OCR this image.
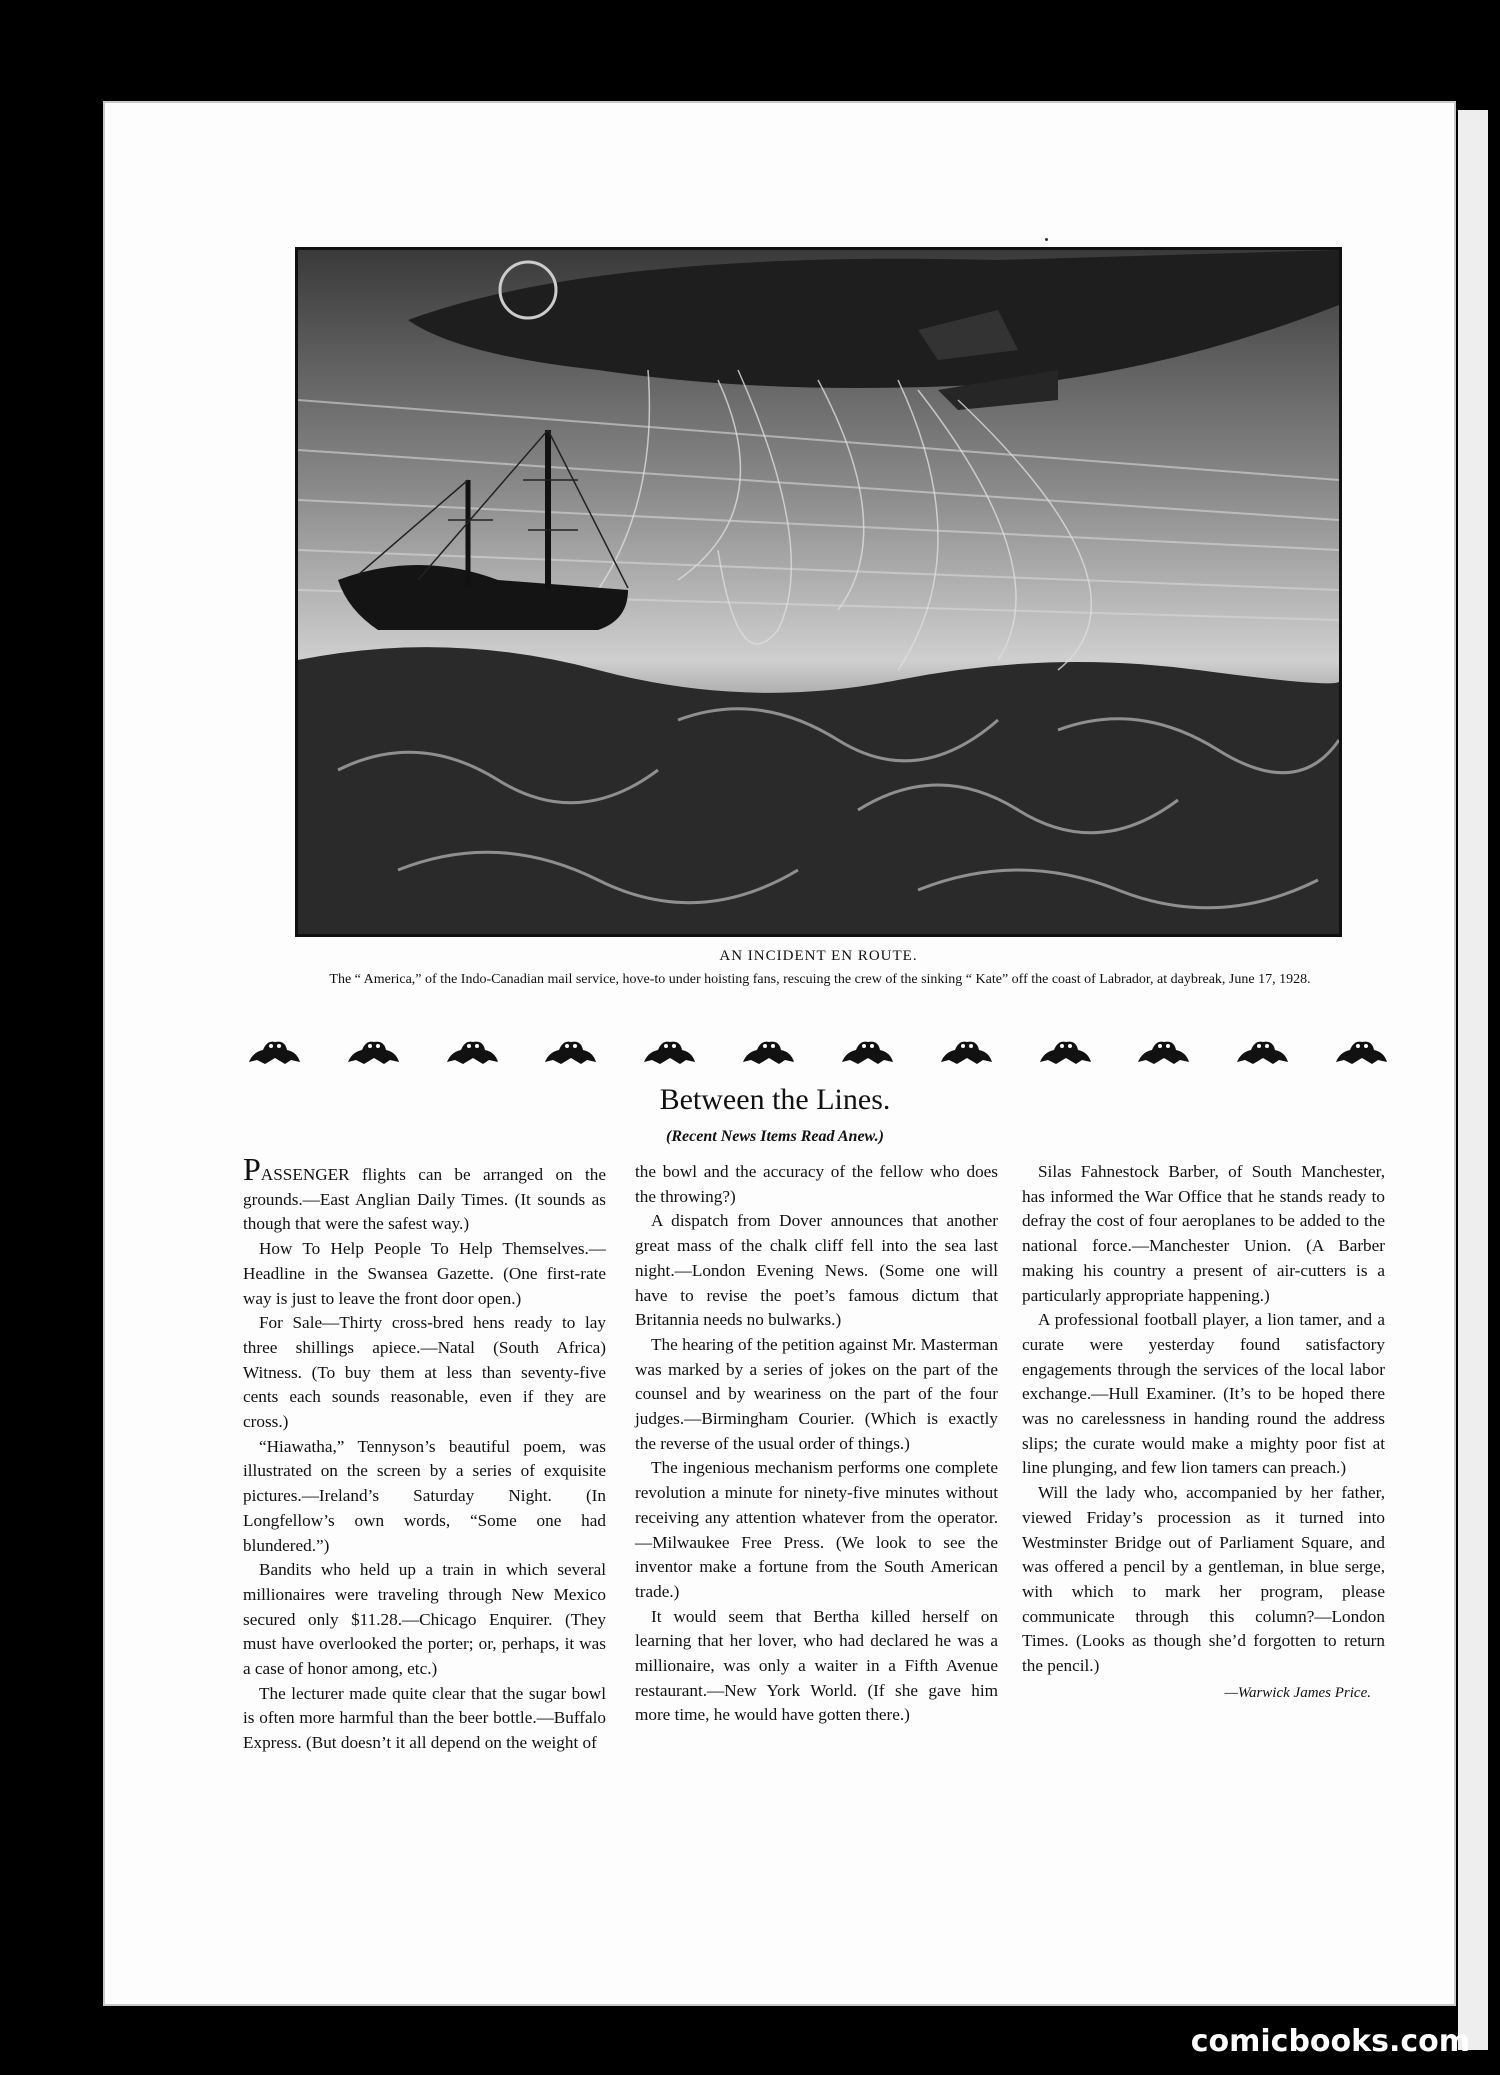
AN INCIDENT EN ROUTE.
The “ America,” of the Indo-Canadian mail service, hove-to under hoisting fans, rescuing the crew of the sinking “ Kate” off the coast of Labrador, at daybreak, June 17, 1928.
Between the Lines.
(Recent News Items Read Anew.)

PASSENGER flights can be arranged on the grounds.—East Anglian Daily Times. (It sounds as though that were the safest way.)

How To Help People To Help Themselves.—Headline in the Swansea Gazette. (One first-rate way is just to leave the front door open.)

For Sale—Thirty cross-bred hens ready to lay three shillings apiece.—Natal (South Africa) Witness. (To buy them at less than seventy-five cents each sounds reasonable, even if they are cross.)

“Hiawatha,” Tennyson’s beautiful poem, was illustrated on the screen by a series of exquisite pictures.—Ireland’s Saturday Night. (In Longfellow’s own words, “Some one had blundered.”)

Bandits who held up a train in which several millionaires were traveling through New Mexico secured only $11.28.—Chicago Enquirer. (They must have overlooked the porter; or, perhaps, it was a case of honor among, etc.)

The lecturer made quite clear that the sugar bowl is often more harmful than the beer bottle.—Buffalo Express. (But doesn’t it all depend on the weight of

the bowl and the accuracy of the fellow who does the throwing?)

A dispatch from Dover announces that another great mass of the chalk cliff fell into the sea last night.—London Evening News. (Some one will have to revise the poet’s famous dictum that Britannia needs no bulwarks.)

The hearing of the petition against Mr. Masterman was marked by a series of jokes on the part of the counsel and by weariness on the part of the four judges.—Birmingham Courier. (Which is exactly the reverse of the usual order of things.)

The ingenious mechanism performs one complete revolution a minute for ninety-five minutes without receiving any attention whatever from the operator.—Milwaukee Free Press. (We look to see the inventor make a fortune from the South American trade.)

It would seem that Bertha killed herself on learning that her lover, who had declared he was a millionaire, was only a waiter in a Fifth Avenue restaurant.—New York World. (If she gave him more time, he would have gotten there.)

Silas Fahnestock Barber, of South Manchester, has informed the War Office that he stands ready to defray the cost of four aeroplanes to be added to the national force.—Manchester Union. (A Barber making his country a present of air-cutters is a particularly appropriate happening.)

A professional football player, a lion tamer, and a curate were yesterday found satisfactory engagements through the services of the local labor exchange.—Hull Examiner. (It’s to be hoped there was no carelessness in handing round the address slips; the curate would make a mighty poor fist at line plunging, and few lion tamers can preach.)

Will the lady who, accompanied by her father, viewed Friday’s procession as it turned into Westminster Bridge out of Parliament Square, and was offered a pencil by a gentleman, in blue serge, with which to mark her program, please communicate through this column?—London Times. (Looks as though she’d forgotten to return the pencil.)

—Warwick James Price.
comicbooks.com
